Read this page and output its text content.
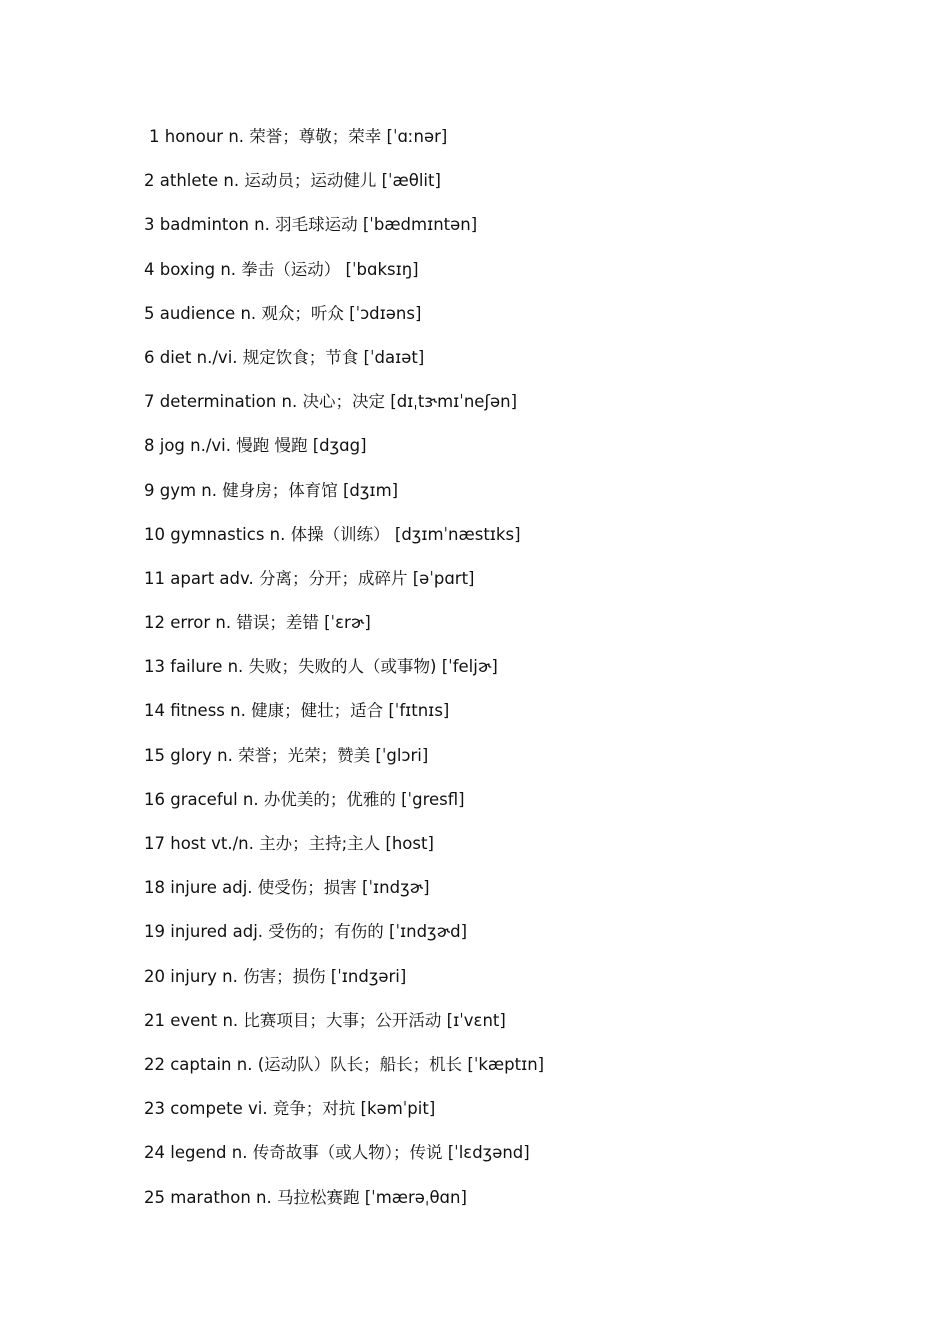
1 honour n. 荣誉；尊敬；荣幸 [ˈɑːnər]
2 athlete n. 运动员；运动健儿 [ˈæθlit]
3 badminton n. 羽毛球运动 [ˈbædmɪntən]
4 boxing n. 拳击（运动） [ˈbɑksɪŋ]
5 audience n. 观众；听众 [ˈɔdɪəns]
6 diet n./vi. 规定饮食；节食 [ˈdaɪət]
7 determination n. 决心；决定 [dɪˌtɝmɪˈneʃən]
8 jog n./vi. 慢跑 慢跑 [dʒɑg]
9 gym n. 健身房；体育馆 [dʒɪm]
10 gymnastics n. 体操（训练） [dʒɪmˈnæstɪks]
11 apart adv. 分离；分开；成碎片 [əˈpɑrt]
12 error n. 错误；差错 [ˈɛrɚ]
13 failure n. 失败；失败的人（或事物) [ˈfeljɚ]
14 fitness n. 健康；健壮；适合 [ˈfɪtnɪs]
15 glory n. 荣誉；光荣；赞美 [ˈglɔri]
16 graceful n. 办优美的；优雅的 [ˈgresfl]
17 host vt./n. 主办；主持;主人 [host]
18 injure adj. 使受伤；损害 [ˈɪndʒɚ]
19 injured adj. 受伤的；有伤的 [ˈɪndʒɚd]
20 injury n. 伤害；损伤 [ˈɪndʒəri]
21 event n. 比赛项目；大事；公开活动 [ɪˈvɛnt]
22 captain n. (运动队）队长；船长；机长 [ˈkæptɪn]
23 compete vi. 竞争；对抗 [kəmˈpit]
24 legend n. 传奇故事（或人物）；传说 [ˈlɛdʒənd]
25 marathon n. 马拉松赛跑 [ˈmærəˌθɑn]
